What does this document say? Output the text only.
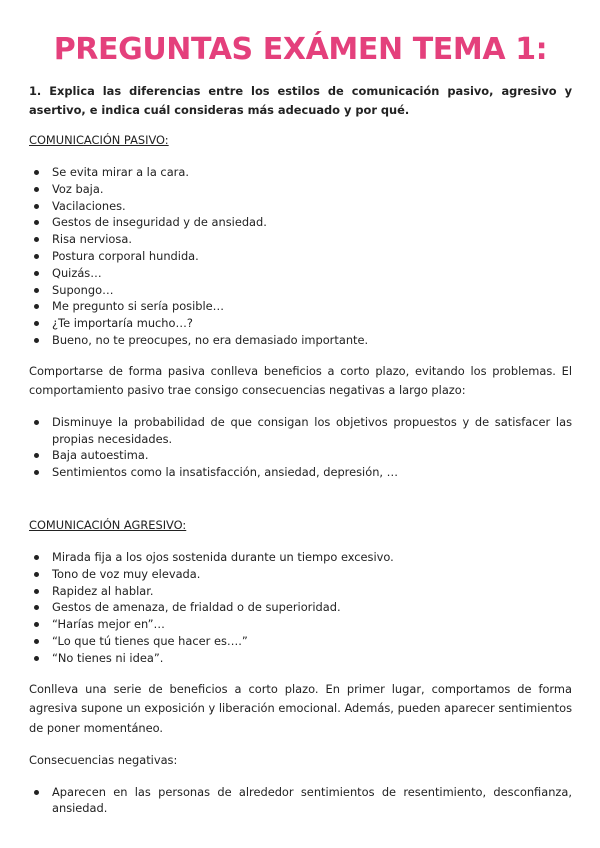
PREGUNTAS EXÁMEN TEMA 1:

1. Explica las diferencias entre los estilos de comunicación pasivo, agresivo y asertivo, e indica cuál consideras más adecuado y por qué.

COMUNICACIÓN PASIVO:
Se evita mirar a la cara.
Voz baja.
Vacilaciones.
Gestos de inseguridad y de ansiedad.
Risa nerviosa.
Postura corporal hundida.
Quizás…
Supongo…
Me pregunto si sería posible…
¿Te importaría mucho…?
Bueno, no te preocupes, no era demasiado importante.

Comportarse de forma pasiva conlleva beneficios a corto plazo, evitando los problemas. El comportamiento pasivo trae consigo consecuencias negativas a largo plazo:

Disminuye la probabilidad de que consigan los objetivos propuestos y de satisfacer las propias necesidades.
Baja autoestima.
Sentimientos como la insatisfacción, ansiedad, depresión, …
COMUNICACIÓN AGRESIVO:
Mirada fija a los ojos sostenida durante un tiempo excesivo.
Tono de voz muy elevada.
Rapidez al hablar.
Gestos de amenaza, de frialdad o de superioridad.
“Harías mejor en”…
“Lo que tú tienes que hacer es….”
“No tienes ni idea”.

Conlleva una serie de beneficios a corto plazo. En primer lugar, comportamos de forma agresiva supone un exposición y liberación emocional. Además, pueden aparecer sentimientos de poner momentáneo.

Consecuencias negativas:

Aparecen en las personas de alrededor sentimientos de resentimiento, desconfianza, ansiedad.
